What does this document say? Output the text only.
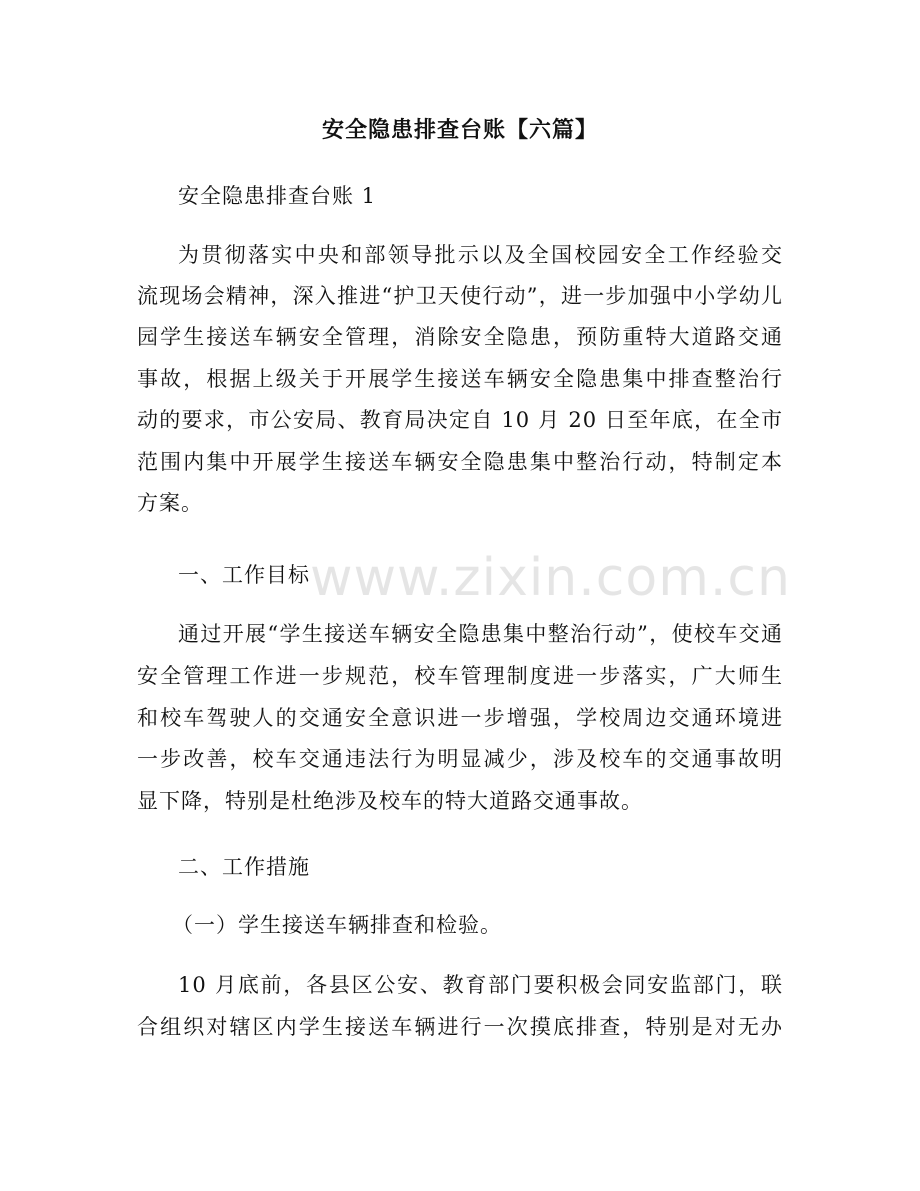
安全隐患排查台账【六篇】
安全隐患排查台账 1
为贯彻落实中央和部领导批示以及全国校园安全工作经验交
流现场会精神，深入推进“护卫天使行动”，进一步加强中小学幼儿
园学生接送车辆安全管理，消除安全隐患，预防重特大道路交通
事故，根据上级关于开展学生接送车辆安全隐患集中排查整治行
动的要求，市公安局、教育局决定自 10 月 20 日至年底，在全市
范围内集中开展学生接送车辆安全隐患集中整治行动，特制定本
方案。
一、工作目标
通过开展“学生接送车辆安全隐患集中整治行动”，使校车交通
安全管理工作进一步规范，校车管理制度进一步落实，广大师生
和校车驾驶人的交通安全意识进一步增强，学校周边交通环境进
一步改善，校车交通违法行为明显减少，涉及校车的交通事故明
显下降，特别是杜绝涉及校车的特大道路交通事故。
二、工作措施
（一）学生接送车辆排查和检验。
10 月底前，各县区公安、教育部门要积极会同安监部门，联
合组织对辖区内学生接送车辆进行一次摸底排查，特别是对无办
www.zixin.com.cn
